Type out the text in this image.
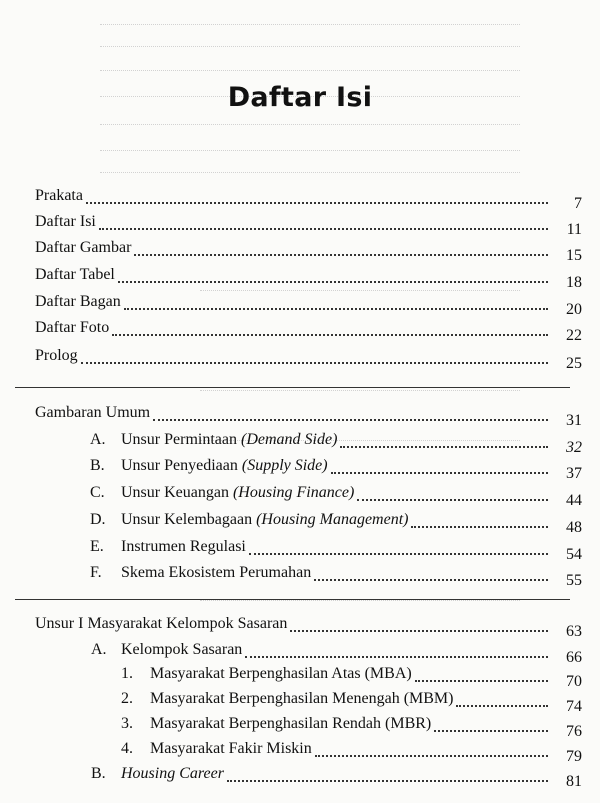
Daftar Isi
Prakata	7
Daftar Isi	11
Daftar Gambar	15
Daftar Tabel	18
Daftar Bagan	20
Daftar Foto	22
Prolog	25
Gambaran Umum	31
A. Unsur Permintaan (Demand Side)	32
B. Unsur Penyediaan (Supply Side)	37
C. Unsur Keuangan (Housing Finance)	44
D. Unsur Kelembagaan (Housing Management)	48
E. Instrumen Regulasi	54
F. Skema Ekosistem Perumahan	55
Unsur I Masyarakat Kelompok Sasaran	63
A. Kelompok Sasaran	66
1. Masyarakat Berpenghasilan Atas (MBA)	70
2. Masyarakat Berpenghasilan Menengah (MBM)	74
3. Masyarakat Berpenghasilan Rendah (MBR)	76
4. Masyarakat Fakir Miskin	79
B. Housing Career	81
